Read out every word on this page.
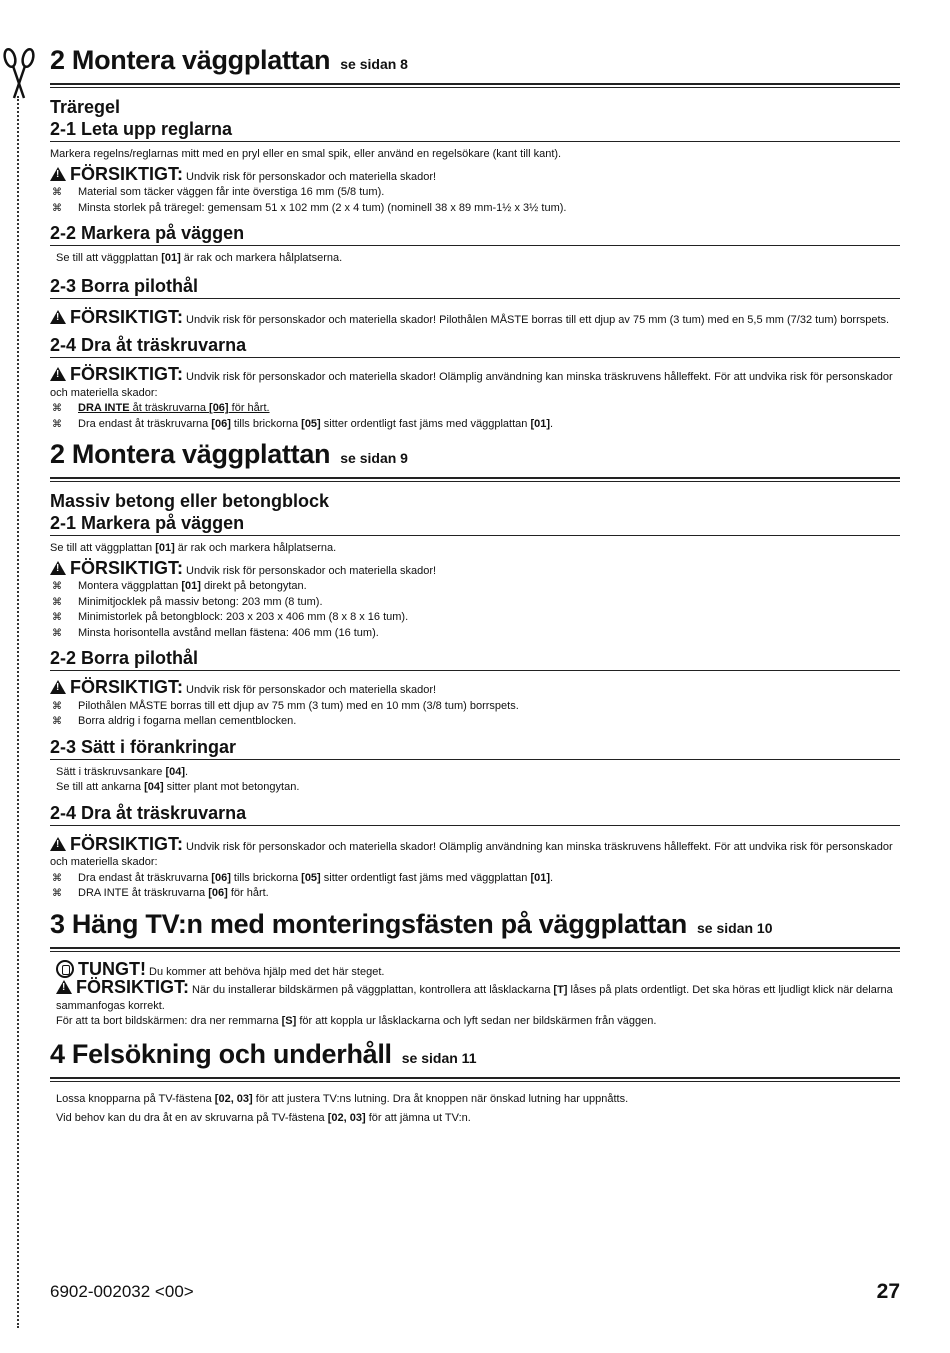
2 Montera väggplattan se sidan 8
Träregel
2-1 Leta upp reglarna

Markera regelns/reglarnas mitt med en pryl eller en smal spik, eller använd en regelsökare (kant till kant).

!FÖRSIKTIGT: Undvik risk för personskador och materiella skador!

⌘ Material som täcker väggen får inte överstiga 16 mm (5/8 tum).
⌘ Minsta storlek på träregel: gemensam 51 x 102 mm (2 x 4 tum) (nominell 38 x 89 mm-1½ x 3½ tum).
2-2 Markera på väggen

Se till att väggplattan [01] är rak och markera hålplatserna.

2-3 Borra pilothål

!FÖRSIKTIGT: Undvik risk för personskador och materiella skador! Pilothålen MÅSTE borras till ett djup av 75 mm (3 tum) med en 5,5 mm (7/32 tum) borrspets.

2-4 Dra åt träskruvarna

!FÖRSIKTIGT: Undvik risk för personskador och materiella skador! Olämplig användning kan minska träskruvens hålleffekt. För att undvika risk för personskador och materiella skador:

⌘ DRA INTE åt träskruvarna [06] för hårt.
⌘ Dra endast åt träskruvarna [06] tills brickorna [05] sitter ordentligt fast jäms med väggplattan [01].
2 Montera väggplattan se sidan 9
Massiv betong eller betongblock
2-1 Markera på väggen

Se till att väggplattan [01] är rak och markera hålplatserna.

!FÖRSIKTIGT: Undvik risk för personskador och materiella skador!

⌘ Montera väggplattan [01] direkt på betongytan.
⌘ Minimitjocklek på massiv betong: 203 mm (8 tum).
⌘ Minimistorlek på betongblock: 203 x 203 x 406 mm (8 x 8 x 16 tum).
⌘ Minsta horisontella avstånd mellan fästena: 406 mm (16 tum).
2-2 Borra pilothål

!FÖRSIKTIGT: Undvik risk för personskador och materiella skador!

⌘ Pilothålen MÅSTE borras till ett djup av 75 mm (3 tum) med en 10 mm (3/8 tum) borrspets.
⌘ Borra aldrig i fogarna mellan cementblocken.
2-3 Sätt i förankringar

Sätt i träskruvsankare [04].

Se till att ankarna [04] sitter plant mot betongytan.

2-4 Dra åt träskruvarna

!FÖRSIKTIGT: Undvik risk för personskador och materiella skador! Olämplig användning kan minska träskruvens hålleffekt. För att undvika risk för personskador och materiella skador:

⌘ Dra endast åt träskruvarna [06] tills brickorna [05] sitter ordentligt fast jäms med väggplattan [01].
⌘ DRA INTE åt träskruvarna [06] för hårt.
3 Häng TV:n med monteringsfästen på väggplattan se sidan 10

TUNGT! Du kommer att behöva hjälp med det här steget.

!FÖRSIKTIGT: När du installerar bildskärmen på väggplattan, kontrollera att låsklackarna [T] låses på plats ordentligt. Det ska höras ett ljudligt klick när delarna sammanfogas korrekt.

För att ta bort bildskärmen: dra ner remmarna [S] för att koppla ur låsklackarna och lyft sedan ner bildskärmen från väggen.

4 Felsökning och underhåll se sidan 11

Lossa knopparna på TV-fästena [02, 03] för att justera TV:ns lutning. Dra åt knoppen när önskad lutning har uppnåtts.

Vid behov kan du dra åt en av skruvarna på TV-fästena [02, 03] för att jämna ut TV:n.

6902-002032 <00>	27
